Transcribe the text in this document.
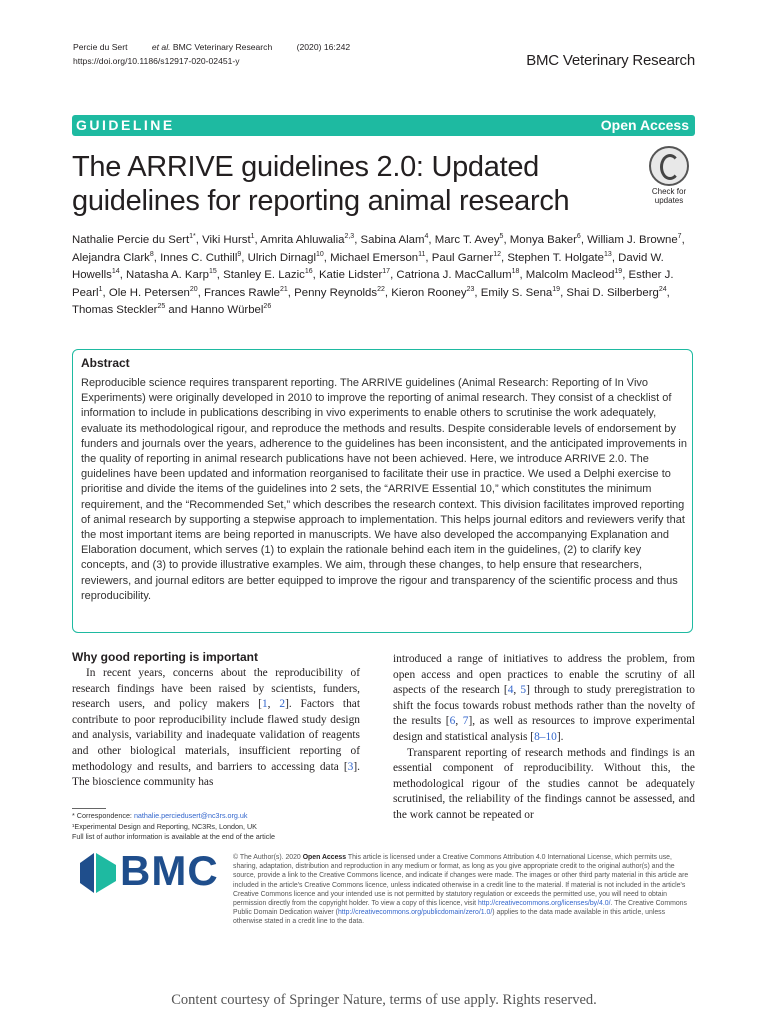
Percie du Sert	et al. BMC Veterinary Research	(2020) 16:242
https://doi.org/10.1186/s12917-020-02451-y	BMC Veterinary Research
GUIDELINE	Open Access
The ARRIVE guidelines 2.0: Updated guidelines for reporting animal research	Check for
updates
Nathalie Percie du Sert$^{1*}$, Viki Hurst$^1$, Amrita Ahluwalia$^{2,3}$, Sabina Alam$^4$, Marc T. Avey$^5$, Monya Baker$^6$, William J. Browne$^7$, Alejandra Clark$^8$, Innes C. Cuthill$^9$, Ulrich Dirnagl$^{10}$, Michael Emerson$^{11}$, Paul Garner$^{12}$, Stephen T. Holgate$^{13}$, David W. Howells$^{14}$, Natasha A. Karp$^{15}$, Stanley E. Lazic$^{16}$, Katie Lidster$^{17}$, Catriona J. MacCallum$^{18}$, Malcolm Macleod$^{19}$, Esther J. Pearl$^1$, Ole H. Petersen$^{20}$, Frances Rawle$^{21}$, Penny Reynolds$^{22}$, Kieron Rooney$^{23}$, Emily S. Sena$^{19}$, Shai D. Silberberg$^{24}$, Thomas Steckler$^{25}$ and Hanno Würbel$^{26}$
Abstract
Reproducible science requires transparent reporting. The ARRIVE guidelines (Animal Research: Reporting of In Vivo Experiments) were originally developed in 2010 to improve the reporting of animal research. They consist of a checklist of information to include in publications describing in vivo experiments to enable others to scrutinise the work adequately, evaluate its methodological rigour, and reproduce the methods and results. Despite considerable levels of endorsement by funders and journals over the years, adherence to the guidelines has been inconsistent, and the anticipated improvements in the quality of reporting in animal research publications have not been achieved. Here, we introduce ARRIVE 2.0. The guidelines have been updated and information reorganised to facilitate their use in practice. We used a Delphi exercise to prioritise and divide the items of the guidelines into 2 sets, the “ARRIVE Essential 10,” which constitutes the minimum requirement, and the “Recommended Set,” which describes the research context. This division facilitates improved reporting of animal research by supporting a stepwise approach to implementation. This helps journal editors and reviewers verify that the most important items are being reported in manuscripts. We have also developed the accompanying Explanation and Elaboration document, which serves (1) to explain the rationale behind each item in the guidelines, (2) to clarify key concepts, and (3) to provide illustrative examples. We aim, through these changes, to help ensure that researchers, reviewers, and journal editors are better equipped to improve the rigour and transparency of the scientific process and thus reproducibility.
Why good reporting is important

In recent years, concerns about the reproducibility of research findings have been raised by scientists, funders, research users, and policy makers [1, 2]. Factors that contribute to poor reproducibility include flawed study design and analysis, variability and inadequate validation of reagents and other biological materials, insufficient reporting of methodology and results, and barriers to accessing data [3]. The bioscience community has

introduced a range of initiatives to address the problem, from open access and open practices to enable the scrutiny of all aspects of the research [4, 5] through to study preregistration to shift the focus towards robust methods rather than the novelty of the results [6, 7], as well as resources to improve experimental design and statistical analysis [8–10].

Transparent reporting of research methods and findings is an essential component of reproducibility. Without this, the methodological rigour of the studies cannot be adequately scrutinised, the reliability of the findings cannot be assessed, and the work cannot be repeated or

* Correspondence: nathalie.perciedusert@nc3rs.org.uk
¹Experimental Design and Reporting, NC3Rs, London, UK
Full list of author information is available at the end of the article
BMC © The Author(s). 2020 Open Access This article is licensed under a Creative Commons Attribution 4.0 International License, which permits use, sharing, adaptation, distribution and reproduction in any medium or format, as long as you give appropriate credit to the original author(s) and the source, provide a link to the Creative Commons licence, and indicate if changes were made. The images or other third party material in this article are included in the article's Creative Commons licence, unless indicated otherwise in a credit line to the material. If material is not included in the article's Creative Commons licence and your intended use is not permitted by statutory regulation or exceeds the permitted use, you will need to obtain permission directly from the copyright holder. To view a copy of this licence, visit http://creativecommons.org/licenses/by/4.0/. The Creative Commons Public Domain Dedication waiver (http://creativecommons.org/publicdomain/zero/1.0/) applies to the data made available in this article, unless otherwise stated in a credit line to the data.
Content courtesy of Springer Nature, terms of use apply. Rights reserved.
